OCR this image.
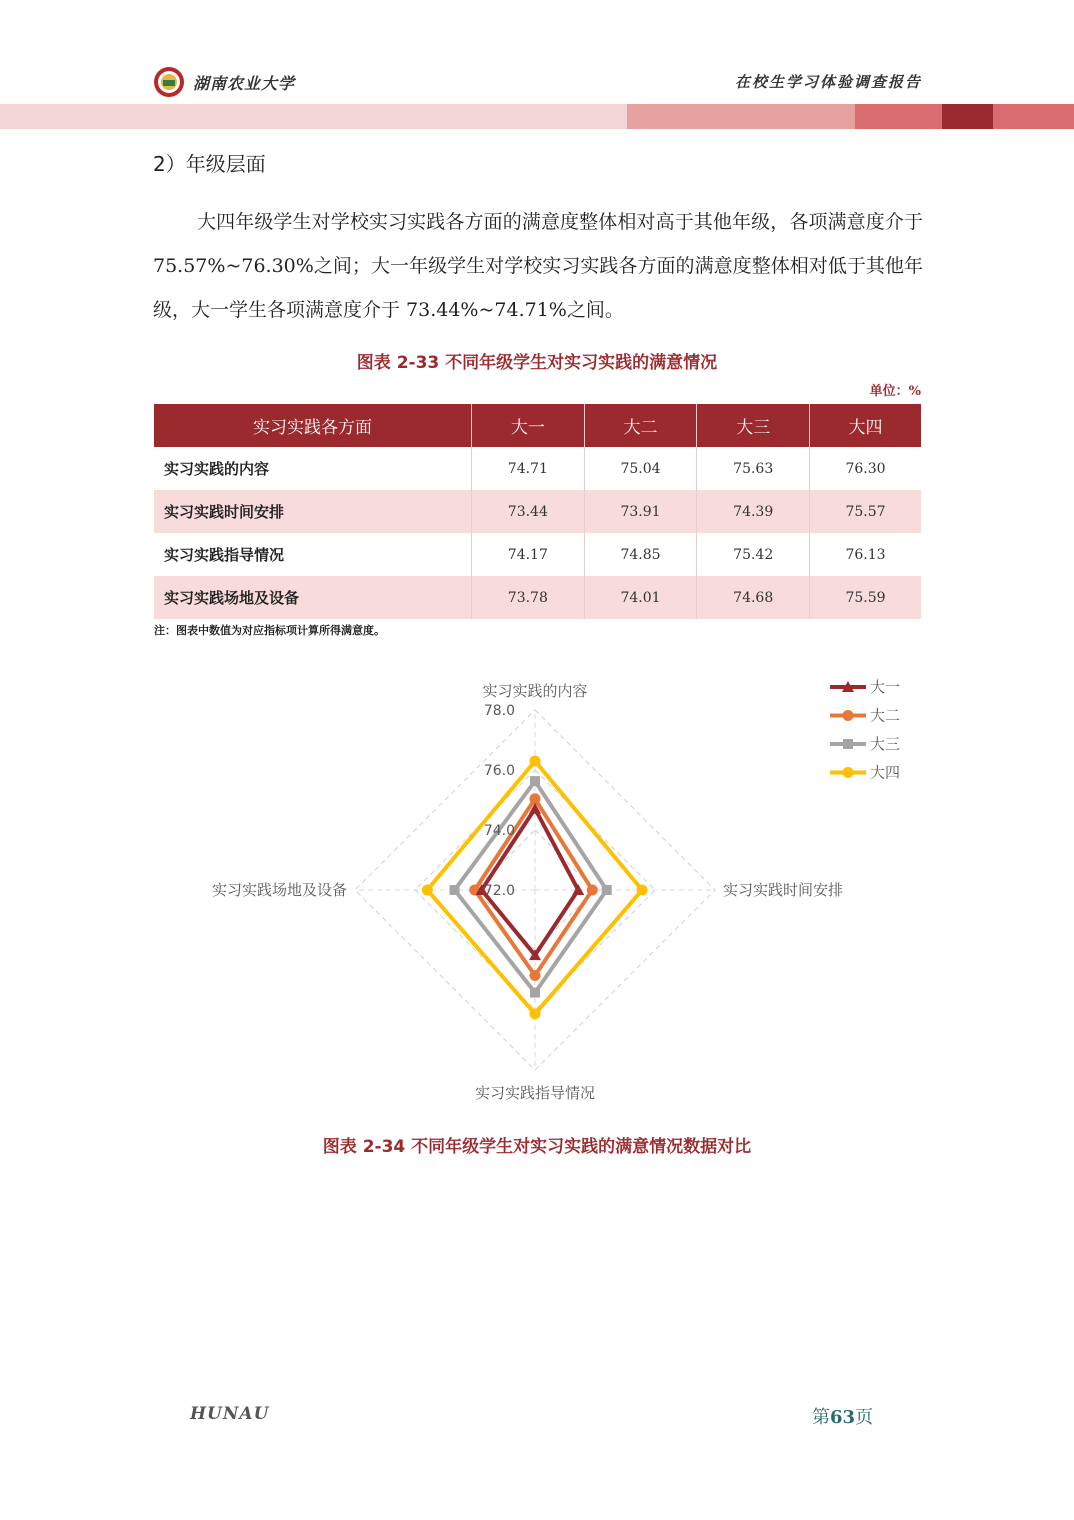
湖南农业大学	在校生学习体验调查报告
2）年级层面

大四年级学生对学校实习实践各方面的满意度整体相对高于其他年级，各项满意度介于 75.57%~76.30%之间；大一年级学生对学校实习实践各方面的满意度整体相对低于其他年级，大一学生各项满意度介于 73.44%~74.71%之间。

图表 2-33 不同年级学生对实习实践的满意情况
单位：%
实习实践各方面	大一	大二	大三	大四
实习实践的内容	74.71	75.04	75.63	76.30
实习实践时间安排	73.44	73.91	74.39	75.57
实习实践指导情况	74.17	74.85	75.42	76.13
实习实践场地及设备	73.78	74.01	74.68	75.59
注：图表中数值为对应指标项计算所得满意度。
72.0
74.0
76.0
78.0
实习实践的内容
实习实践时间安排
实习实践指导情况
实习实践场地及设备
大一
大二
大三
大四
图表 2-34 不同年级学生对实习实践的满意情况数据对比
HUNAU	第63页
